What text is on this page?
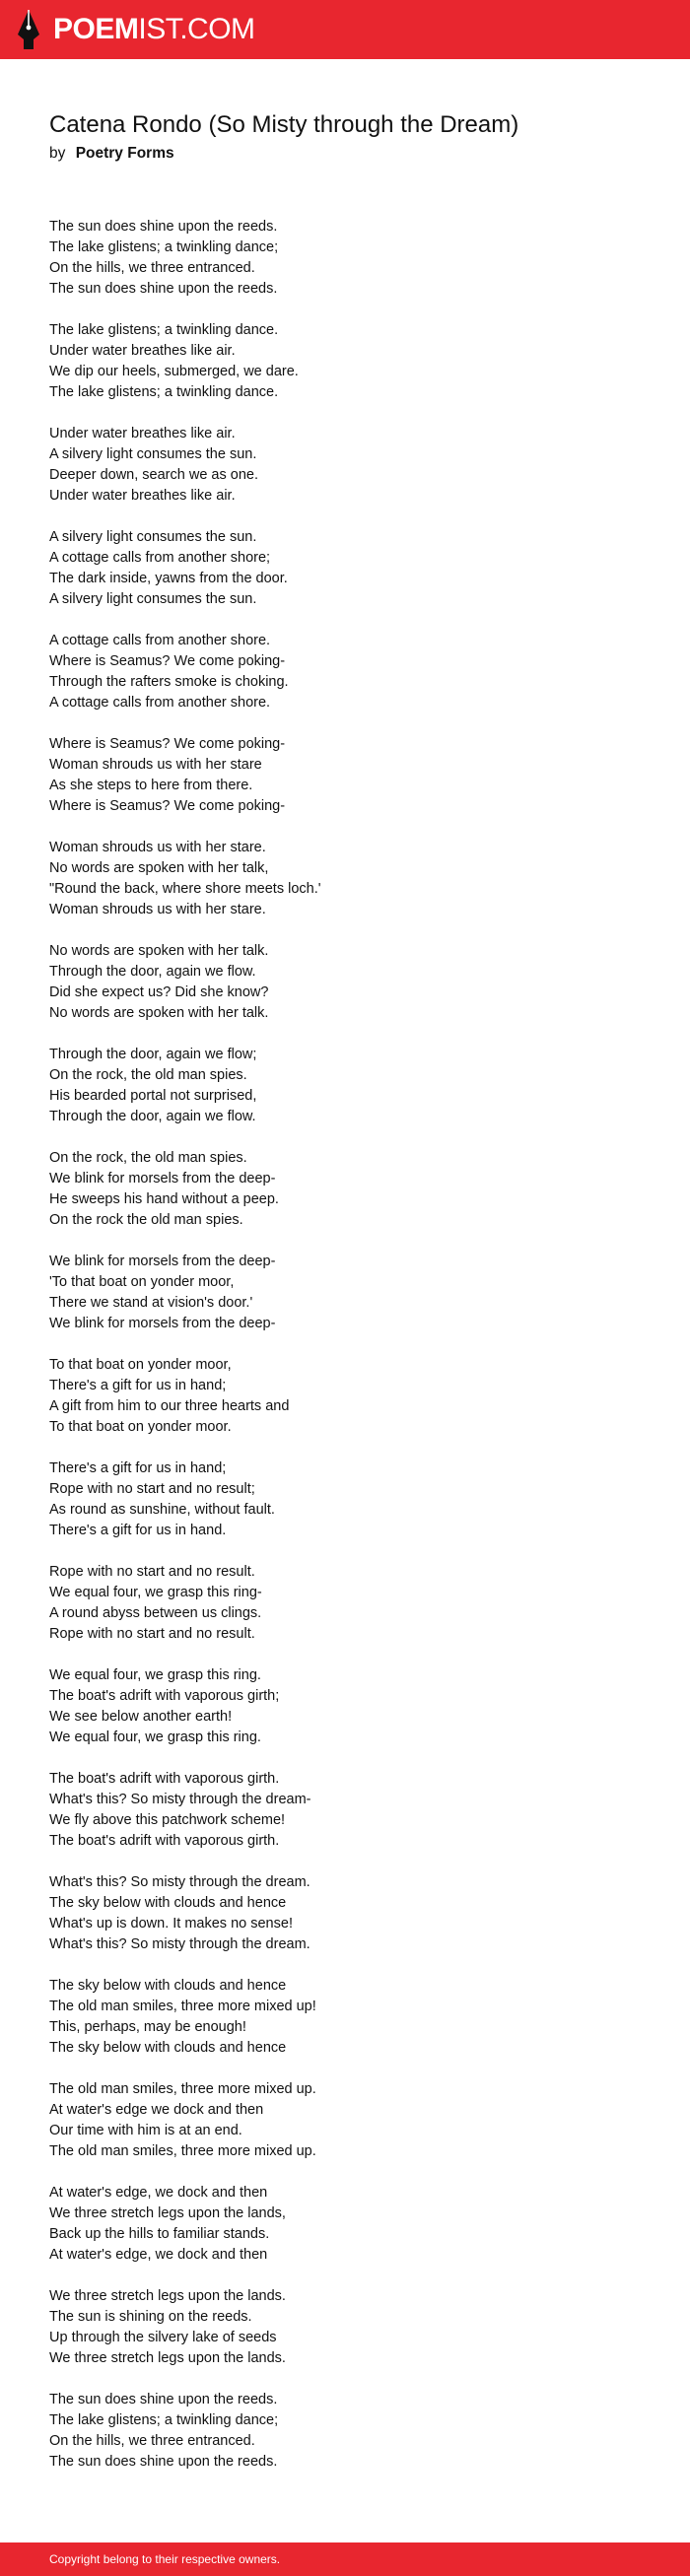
POEMIST.COM
Catena Rondo (So Misty through the Dream)
by Poetry Forms
The sun does shine upon the reeds.
The lake glistens; a twinkling dance;
On the hills, we three entranced.
The sun does shine upon the reeds.
The lake glistens; a twinkling dance.
Under water breathes like air.
We dip our heels, submerged, we dare.
The lake glistens; a twinkling dance.
Under water breathes like air.
A silvery light consumes the sun.
Deeper down, search we as one.
Under water breathes like air.
A silvery light consumes the sun.
A cottage calls from another shore;
The dark inside, yawns from the door.
A silvery light consumes the sun.
A cottage calls from another shore.
Where is Seamus? We come poking-
Through the rafters smoke is choking.
A cottage calls from another shore.
Where is Seamus? We come poking-
Woman shrouds us with her stare
As she steps to here from there.
Where is Seamus? We come poking-
Woman shrouds us with her stare.
No words are spoken with her talk,
"Round the back, where shore meets loch.'
Woman shrouds us with her stare.
No words are spoken with her talk.
Through the door, again we flow.
Did she expect us? Did she know?
No words are spoken with her talk.
Through the door, again we flow;
On the rock, the old man spies.
His bearded portal not surprised,
Through the door, again we flow.
On the rock, the old man spies.
We blink for morsels from the deep-
He sweeps his hand without a peep.
On the rock the old man spies.
We blink for morsels from the deep-
'To that boat on yonder moor,
There we stand at vision's door.'
We blink for morsels from the deep-
To that boat on yonder moor,
There's a gift for us in hand;
A gift from him to our three hearts and
To that boat on yonder moor.
There's a gift for us in hand;
Rope with no start and no result;
As round as sunshine, without fault.
There's a gift for us in hand.
Rope with no start and no result.
We equal four, we grasp this ring-
A round abyss between us clings.
Rope with no start and no result.
We equal four, we grasp this ring.
The boat's adrift with vaporous girth;
We see below another earth!
We equal four, we grasp this ring.
The boat's adrift with vaporous girth.
What's this? So misty through the dream-
We fly above this patchwork scheme!
The boat's adrift with vaporous girth.
What's this? So misty through the dream.
The sky below with clouds and hence
What's up is down. It makes no sense!
What's this? So misty through the dream.
The sky below with clouds and hence
The old man smiles, three more mixed up!
This, perhaps, may be enough!
The sky below with clouds and hence
The old man smiles, three more mixed up.
At water's edge we dock and then
Our time with him is at an end.
The old man smiles, three more mixed up.
At water's edge, we dock and then
We three stretch legs upon the lands,
Back up the hills to familiar stands.
At water's edge, we dock and then
We three stretch legs upon the lands.
The sun is shining on the reeds.
Up through the silvery lake of seeds
We three stretch legs upon the lands.
The sun does shine upon the reeds.
The lake glistens; a twinkling dance;
On the hills, we three entranced.
The sun does shine upon the reeds.
Copyright belong to their respective owners.
